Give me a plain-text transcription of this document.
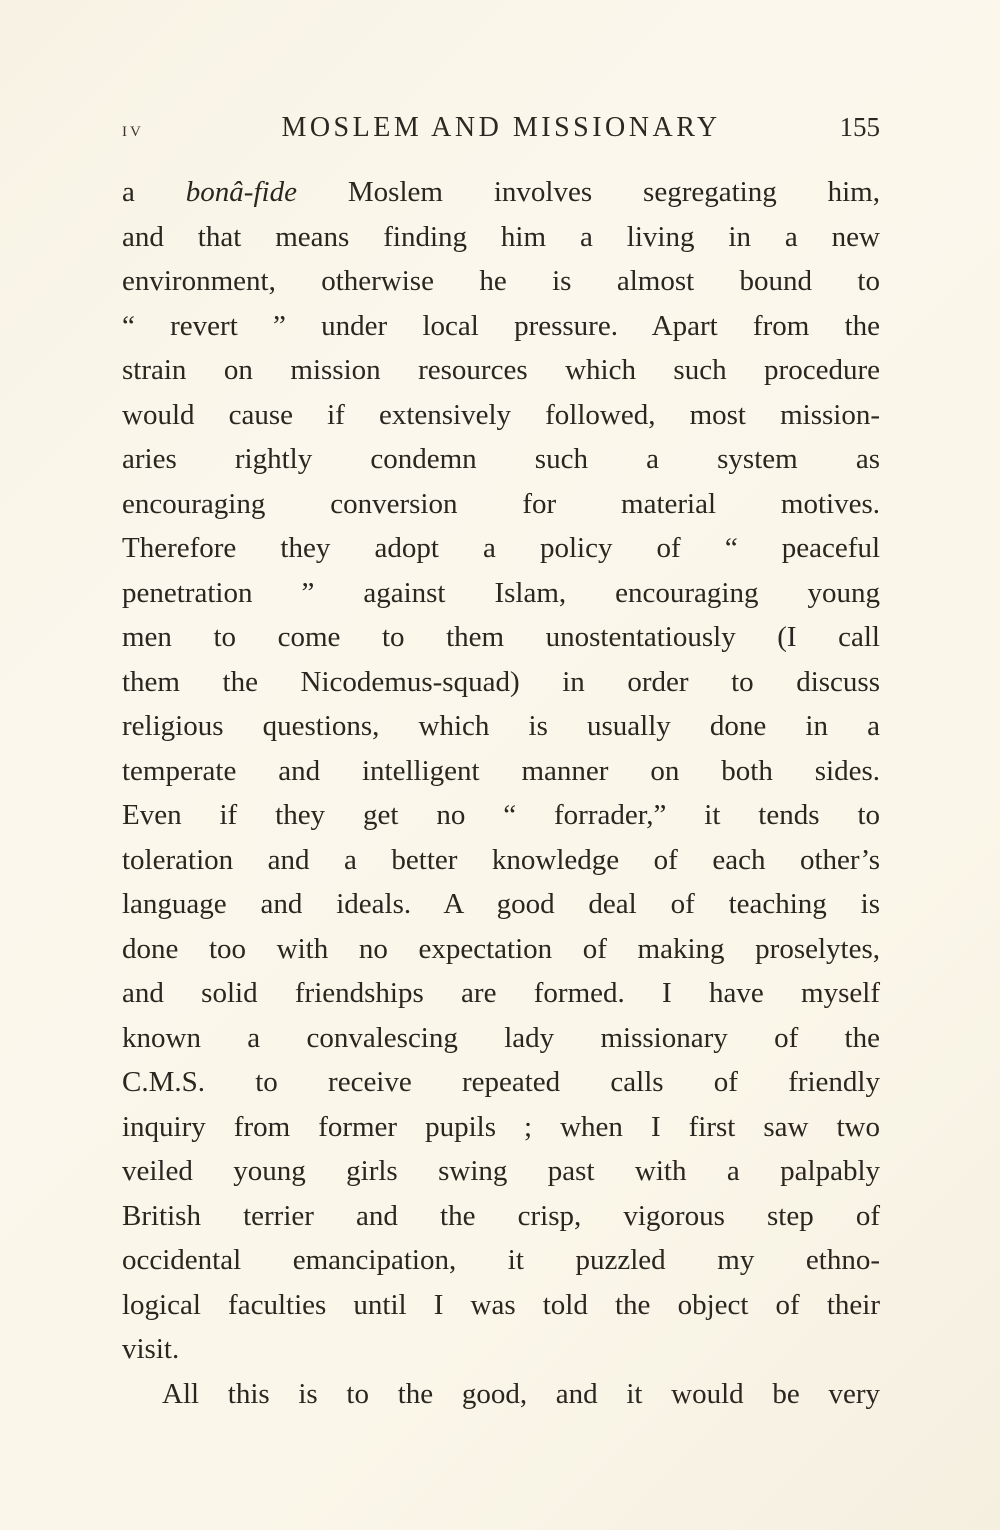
iv	MOSLEM AND MISSIONARY	155
a bonâ-fide Moslem involves segregating him,
and that means finding him a living in a new
environment, otherwise he is almost bound to
“ revert ” under local pressure. Apart from the
strain on mission resources which such procedure
would cause if extensively followed, most mission-
aries rightly condemn such a system as
encouraging conversion for material motives.
Therefore they adopt a policy of “ peaceful
penetration ” against Islam, encouraging young
men to come to them unostentatiously (I call
them the Nicodemus-squad) in order to discuss
religious questions, which is usually done in a
temperate and intelligent manner on both sides.
Even if they get no “ forrader,” it tends to
toleration and a better knowledge of each other’s
language and ideals. A good deal of teaching is
done too with no expectation of making proselytes,
and solid friendships are formed. I have myself
known a convalescing lady missionary of the
C.M.S. to receive repeated calls of friendly
inquiry from former pupils ; when I first saw two
veiled young girls swing past with a palpably
British terrier and the crisp, vigorous step of
occidental emancipation, it puzzled my ethno-
logical faculties until I was told the object of their
visit.
All this is to the good, and it would be very
